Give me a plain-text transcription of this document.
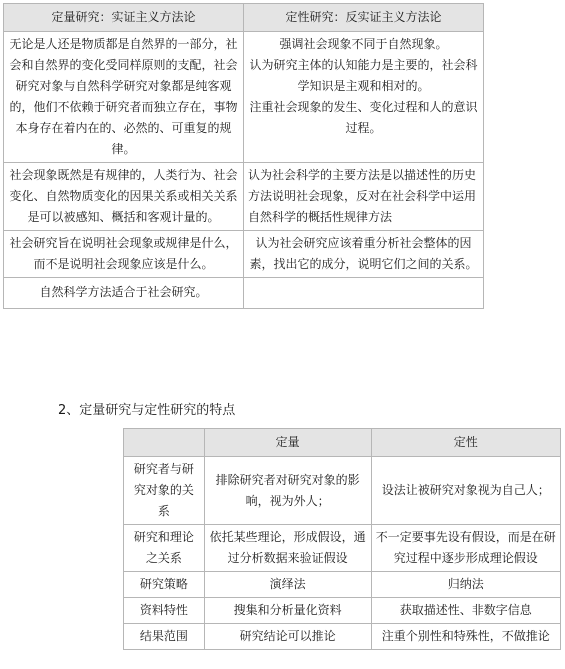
定量研究：实证主义方法论	定性研究：反实证主义方法论
无论是人还是物质都是自然界的一部分，社会和自然界的变化受同样原则的支配，社会研究对象与自然科学研究对象都是纯客观的，他们不依赖于研究者而独立存在，事物本身存在着内在的、必然的、可重复的规律。	强调社会现象不同于自然现象。
认为研究主体的认知能力是主要的，社会科学知识是主观和相对的。
注重社会现象的发生、变化过程和人的意识过程。

社会现象既然是有规律的，人类行为、社会变化、自然物质变化的因果关系或相关关系是可以被感知、概括和客观计量的。	认为社会科学的主要方法是以描述性的历史方法说明社会现象，反对在社会科学中运用自然科学的概括性规律方法

社会研究旨在说明社会现象或规律是什么，而不是说明社会现象应该是什么。	认为社会研究应该着重分析社会整体的因素，找出它的成分，说明它们之间的关系。

自然科学方法适合于社会研究。	
2、定量研究与定性研究的特点
	定量	定性
研究者与研究对象的关系	排除研究者对研究对象的影响，视为外人；	设法让被研究对象视为自己人；
研究和理论之关系	依托某些理论，形成假设，通过分析数据来验证假设	不一定要事先设有假设，而是在研究过程中逐步形成理论假设
研究策略	演绎法	归纳法
资料特性	搜集和分析量化资料	获取描述性、非数字信息
结果范围	研究结论可以推论	注重个别性和特殊性，不做推论
